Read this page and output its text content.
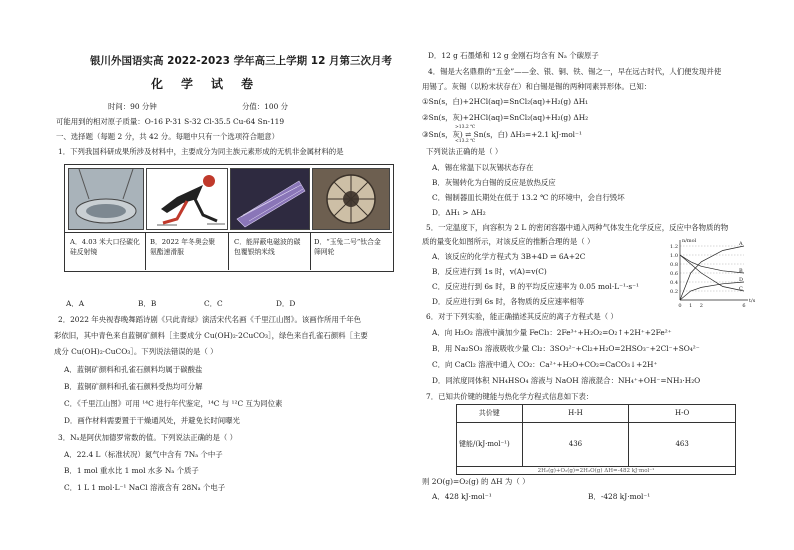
银川外国语实高 2022-2023 学年高三上学期 12 月第三次月考
化学试卷
时间：90 分钟	分值：100 分
可能用到的相对原子质量：O-16 P-31 S-32 Cl-35.5 Cu-64 Sn-119
一、选择题（每题 2 分，共 42 分。每题中只有一个选项符合题意）
1．下列我国科研成果所涉及材料中，主要成分为同主族元素形成的无机非金属材料的是
A．4.03 米大口径碳化硅反射镜
B．2022 年冬奥会聚氨酯速滑服
C．能屏蔽电磁波的碳包覆银纳米线
D．“玉兔二号”钛合金筛网轮
A．A	B．B	C．C	D．D
2．2022 年央视春晚舞蹈诗剧《只此青绿》演活宋代名画《千里江山图》。该画作所用千年色
彩依旧，其中青色来自蓝铜矿颜料［主要成分 Cu(OH)₂·2CuCO₃］，绿色来自孔雀石颜料［主要
成分 Cu(OH)₂·CuCO₃］。下列说法错误的是（ ）
A．蓝铜矿颜料和孔雀石颜料均属于碳酸盐
B．蓝铜矿颜料和孔雀石颜料受热均可分解
C．《千里江山图》可用 ¹⁴C 进行年代鉴定，¹⁴C 与 ¹²C 互为同位素
D．画作材料需要置于干燥通风处，并避免长时间曝光
3．Nₐ是阿伏加德罗常数的值。下列说法正确的是（ ）
A．22.4 L（标准状况）氮气中含有 7Nₐ 个中子
B．1 mol 重水比 1 mol 水多 Nₐ 个质子
C．1 L 1 mol·L⁻¹ NaCl 溶液含有 28Nₐ 个电子
D．12 g 石墨烯和 12 g 金刚石均含有 Nₐ 个碳原子
4．锡是大名鼎鼎的“五金”——金、银、铜、铁、锡之一，早在远古时代，人们便发现并使
用锡了。灰锡（以粉末状存在）和白锡是锡的两种同素异形体。已知：
①Sn(s，白)+2HCl(aq)=SnCl₂(aq)+H₂(g) ΔH₁
②Sn(s，灰)+2HCl(aq)=SnCl₂(aq)+H₂(g) ΔH₂
③Sn(s，灰) ⇌ Sn(s，白) ΔH₃=+2.1 kJ·mol⁻¹
>13.2 ℃
<13.2 ℃
下列说法正确的是（ ）
A．锡在常温下以灰锡状态存在
B．灰锡转化为白锡的反应是放热反应
C．锡制器皿长期处在低于 13.2 ℃ 的环境中，会自行毁坏
D．ΔH₁ > ΔH₂
5．一定温度下，向容积为 2 L 的密闭容器中通入两种气体发生化学反应，反应中各物质的物
质的量变化如图所示，对该反应的推断合理的是（ ）
A．该反应的化学方程式为 3B+4D ⇌ 6A+2C
B．反应进行到 1s 时，v(A)=v(C)
C．反应进行到 6s 时，B 的平均反应速率为 0.05 mol·L⁻¹·s⁻¹
D．反应进行到 6s 时，各物质的反应速率相等
0.2
0.4
0.6
0.8
1.0
1.2
n/mol
t/s
0 1 2	6
A
B
C
D
6．对于下列实验，能正确描述其反应的离子方程式是（ ）
A．向 H₂O₂ 溶液中滴加少量 FeCl₃：2Fe³⁺+H₂O₂=O₂↑+2H⁺+2Fe²⁺
B．用 Na₂SO₃ 溶液吸收少量 Cl₂：3SO₃²⁻+Cl₂+H₂O=2HSO₃⁻+2Cl⁻+SO₄²⁻
C．向 CaCl₂ 溶液中通入 CO₂：Ca²⁺+H₂O+CO₂=CaCO₃↓+2H⁺
D．同浓度同体积 NH₄HSO₄ 溶液与 NaOH 溶液混合：NH₄⁺+OH⁻=NH₃·H₂O
7．已知共价键的键能与热化学方程式信息如下表：
共价键	H-H	H-O
键能/(kJ·mol⁻¹)	436	463
2H₂(g)+O₂(g)=2H₂O(g) ΔH=-482 kJ·mol⁻¹		
则 2O(g)=O₂(g) 的 ΔH 为（ ）
A．428 kJ·mol⁻¹	B．-428 kJ·mol⁻¹
